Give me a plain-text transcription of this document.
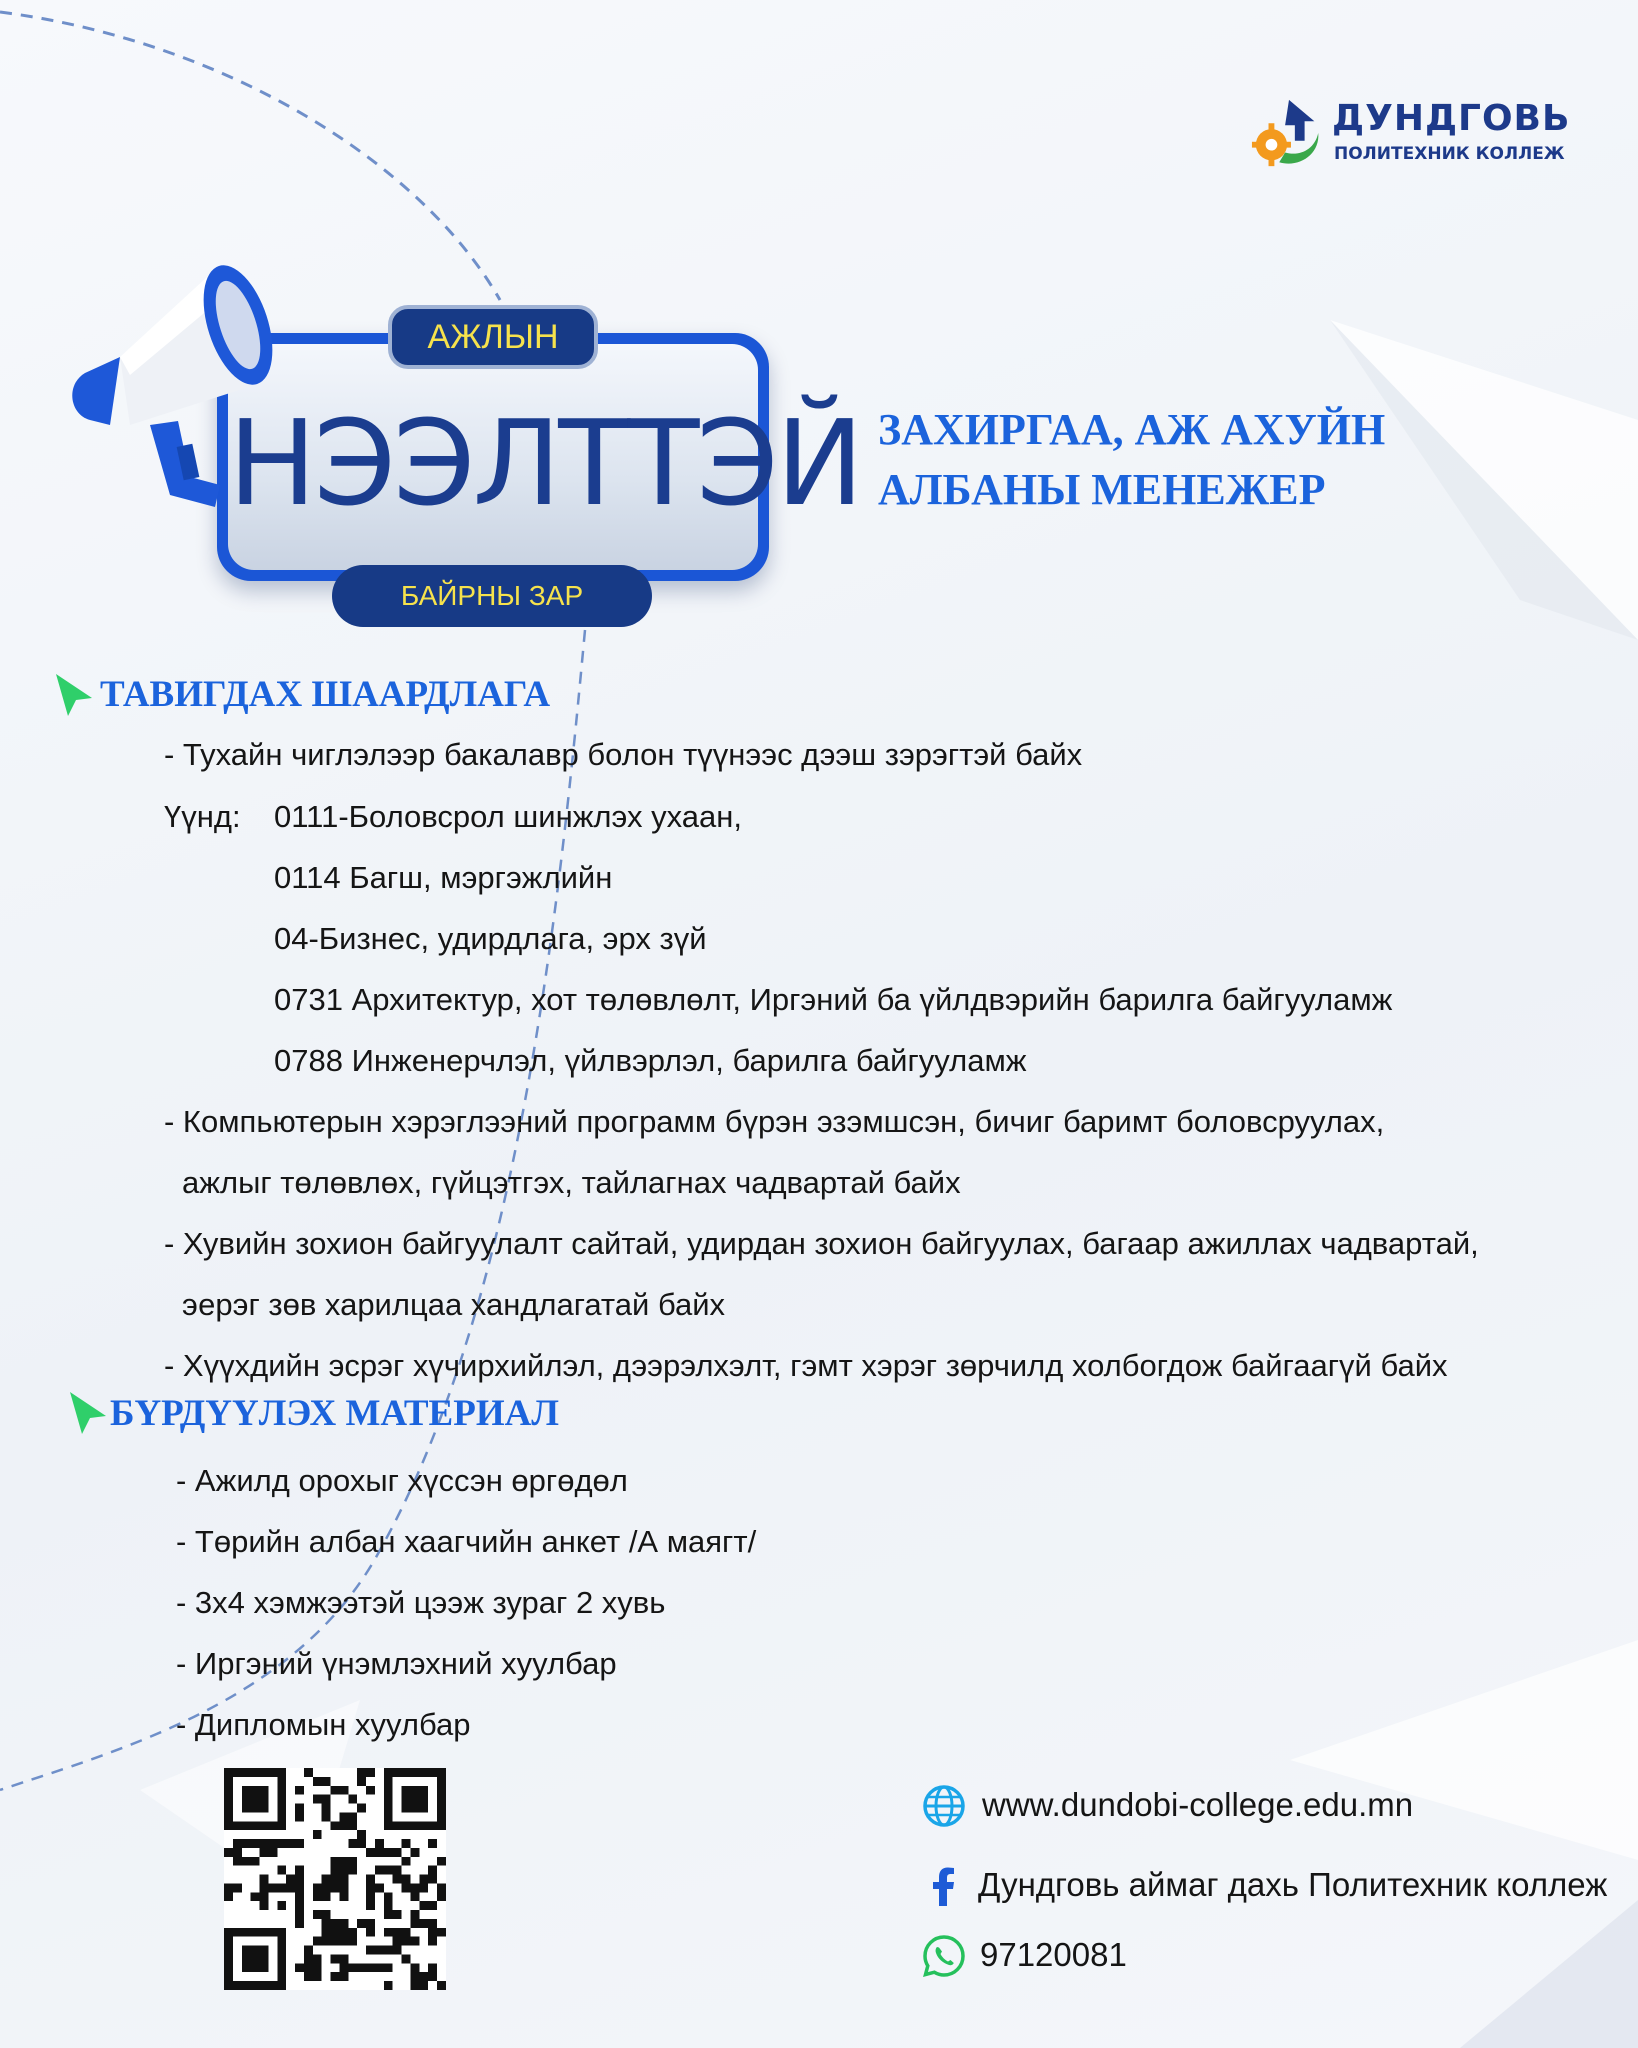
ДУНДГОВЬ
ПОЛИТЕХНИК КОЛЛЕЖ
НЭЭЛТТЭЙ
АЖЛЫН
БАЙРНЫ ЗАР
ЗАХИРГАА, АЖ АХУЙН
АЛБАНЫ МЕНЕЖЕР
ТАВИГДАХ ШААРДЛАГА
- Тухайн чиглэлээр бакалавр болон түүнээс дээш зэрэгтэй байх
Үүнд: 0111-Боловсрол шинжлэх ухаан,
0114 Багш, мэргэжлийн
04-Бизнес, удирдлага, эрх зүй
0731 Архитектур, хот төлөвлөлт, Иргэний ба үйлдвэрийн барилга байгууламж
0788 Инженерчлэл, үйлвэрлэл, барилга байгууламж
- Компьютерын хэрэглээний программ бүрэн эзэмшсэн, бичиг баримт боловсруулах,
ажлыг төлөвлөх, гүйцэтгэх, тайлагнах чадвартай байх
- Хувийн зохион байгуулалт сайтай, удирдан зохион байгуулах, багаар ажиллах чадвартай,
эерэг зөв харилцаа хандлагатай байх
- Хүүхдийн эсрэг хүчирхийлэл, дээрэлхэлт, гэмт хэрэг зөрчилд холбогдож байгаагүй байх
БҮРДҮҮЛЭХ МАТЕРИАЛ
- Ажилд орохыг хүссэн өргөдөл
- Төрийн албан хаагчийн анкет /А маягт/
- 3х4 хэмжээтэй цээж зураг 2 хувь
- Иргэний үнэмлэхний хуулбар
- Дипломын хуулбар
www.dundobi-college.edu.mn
Дундговь аймаг дахь Политехник коллеж
97120081
